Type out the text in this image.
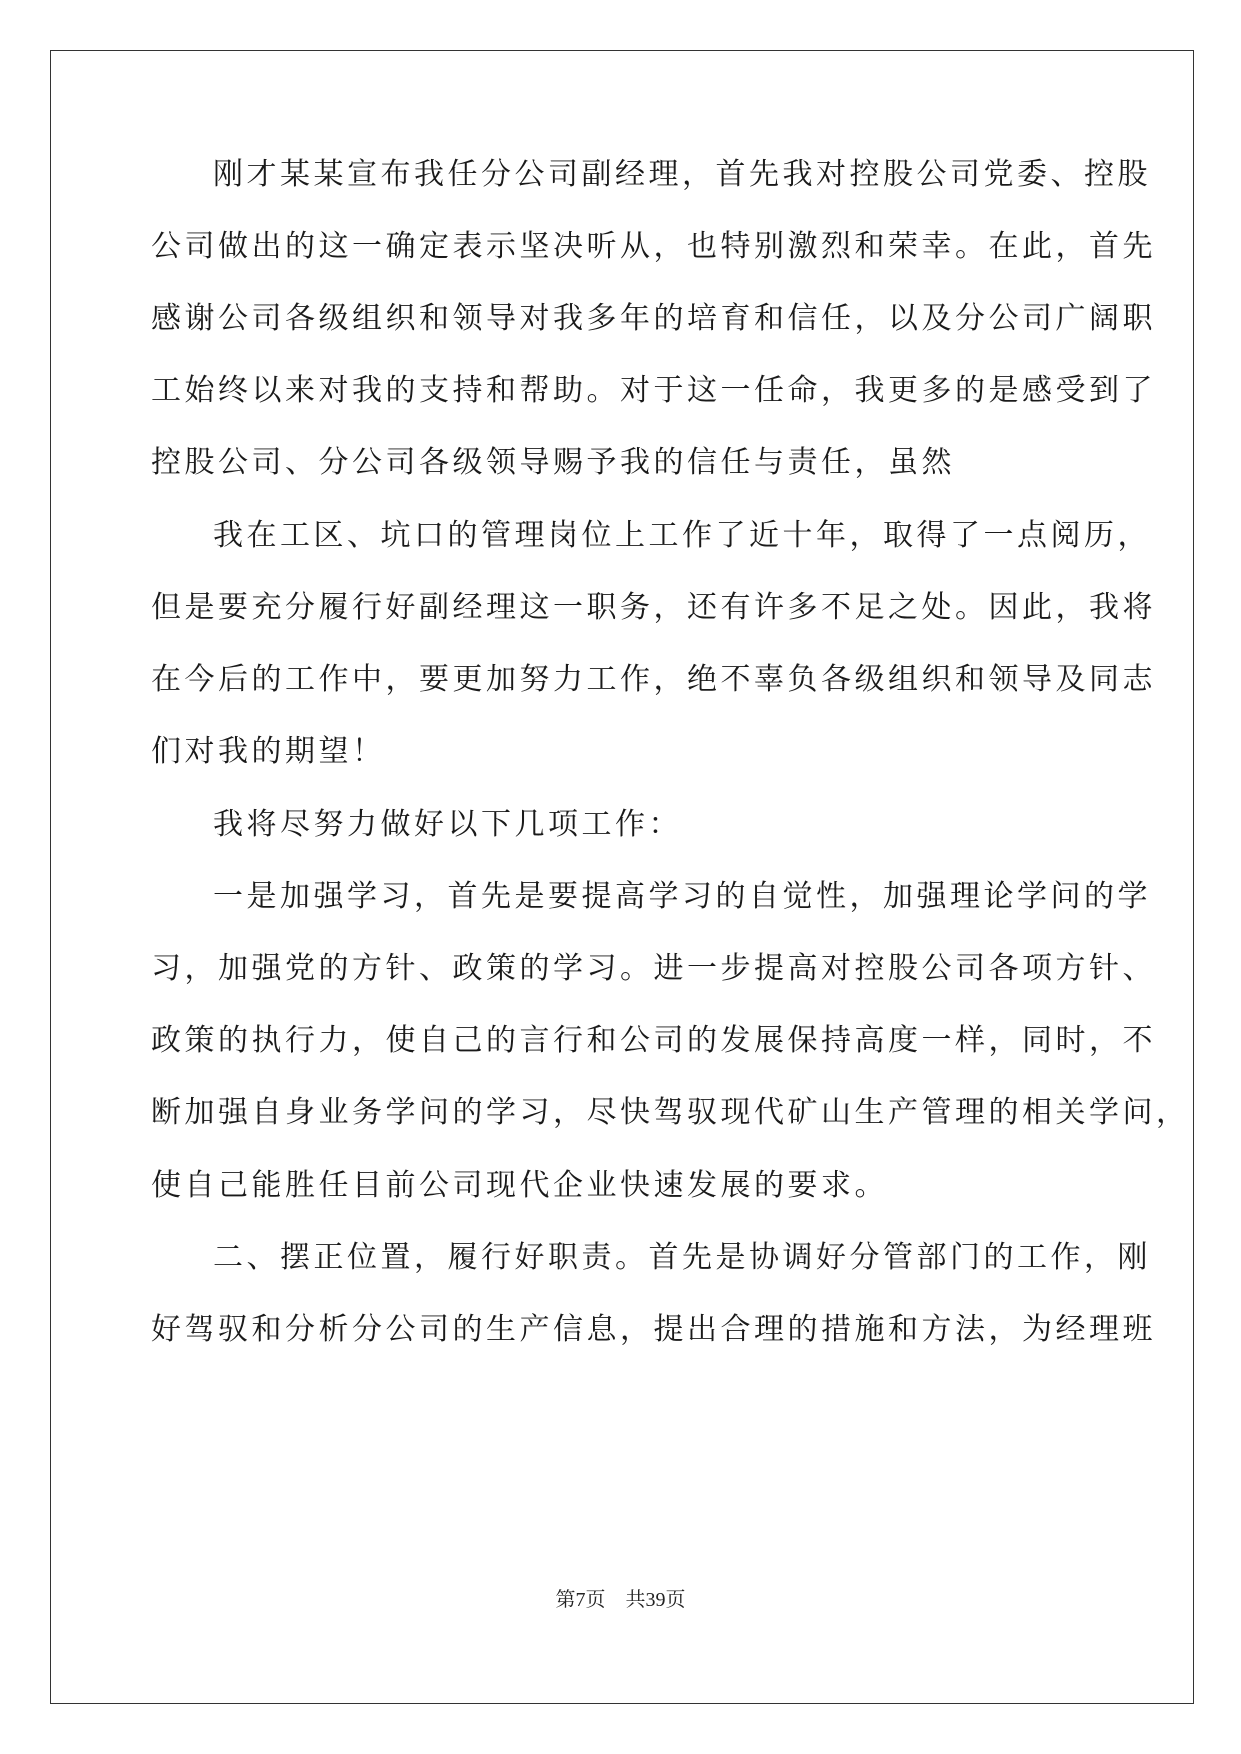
刚才某某宣布我任分公司副经理，首先我对控股公司党委、控股
公司做出的这一确定表示坚决听从，也特别激烈和荣幸。在此，首先
感谢公司各级组织和领导对我多年的培育和信任，以及分公司广阔职
工始终以来对我的支持和帮助。对于这一任命，我更多的是感受到了
控股公司、分公司各级领导赐予我的信任与责任，虽然
我在工区、坑口的管理岗位上工作了近十年，取得了一点阅历，
但是要充分履行好副经理这一职务，还有许多不足之处。因此，我将
在今后的工作中，要更加努力工作，绝不辜负各级组织和领导及同志
们对我的期望！
我将尽努力做好以下几项工作：
一是加强学习，首先是要提高学习的自觉性，加强理论学问的学
习，加强党的方针、政策的学习。进一步提高对控股公司各项方针、
政策的执行力，使自己的言行和公司的发展保持高度一样，同时，不
断加强自身业务学问的学习，尽快驾驭现代矿山生产管理的相关学问，
使自己能胜任目前公司现代企业快速发展的要求。
二、摆正位置，履行好职责。首先是协调好分管部门的工作，刚
好驾驭和分析分公司的生产信息，提出合理的措施和方法，为经理班
第7页 共39页
